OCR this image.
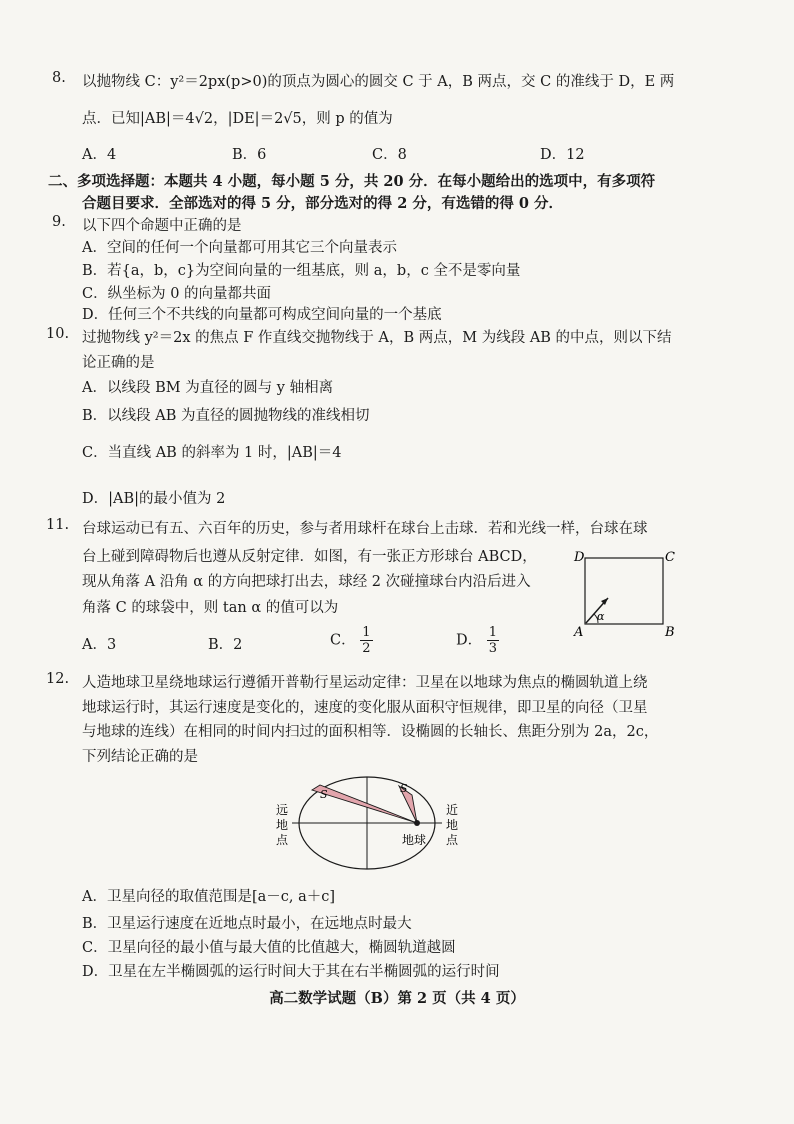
8. 以抛物线 C：y²＝2px(p>0)的顶点为圆心的圆交 C 于 A，B 两点，交 C 的准线于 D，E 两
点．已知|AB|＝4√2，|DE|＝2√5，则 p 的值为
A．4	B．6	C．8	D．12
二、多项选择题：本题共 4 小题，每小题 5 分，共 20 分．在每小题给出的选项中，有多项符
合题目要求．全部选对的得 5 分，部分选对的得 2 分，有选错的得 0 分．
9. 以下四个命题中正确的是
A．空间的任何一个向量都可用其它三个向量表示
B．若{a，b，c}为空间向量的一组基底，则 a，b，c 全不是零向量
C．纵坐标为 0 的向量都共面
D．任何三个不共线的向量都可构成空间向量的一个基底
10. 过抛物线 y²＝2x 的焦点 F 作直线交抛物线于 A，B 两点，M 为线段 AB 的中点，则以下结
论正确的是
A．以线段 BM 为直径的圆与 y 轴相离
B．以线段 AB 为直径的圆抛物线的准线相切
C．当直线 AB 的斜率为 1 时，|AB|＝4
D．|AB|的最小值为 2
11. 台球运动已有五、六百年的历史，参与者用球杆在球台上击球．若和光线一样，台球在球
台上碰到障碍物后也遵从反射定律．如图，有一张正方形球台 ABCD，
现从角落 A 沿角 α 的方向把球打出去，球经 2 次碰撞球台内沿后进入
角落 C 的球袋中，则 tan α 的值可以为
A．3	B．2	C． $\frac{1}{2}$	D． $\frac{1}{3}$
D	C
A	B
α
12. 人造地球卫星绕地球运行遵循开普勒行星运动定律：卫星在以地球为焦点的椭圆轨道上绕
地球运行时，其运行速度是变化的，速度的变化服从面积守恒规律，即卫星的向径（卫星
与地球的连线）在相同的时间内扫过的面积相等．设椭圆的长轴长、焦距分别为 2a，2c，
下列结论正确的是
S	S
地球
远
地
点
近
地
点
A．卫星向径的取值范围是[a－c, a＋c]
B．卫星运行速度在近地点时最小，在远地点时最大
C．卫星向径的最小值与最大值的比值越大，椭圆轨道越圆
D．卫星在左半椭圆弧的运行时间大于其在右半椭圆弧的运行时间
高二数学试题（B）第 2 页（共 4 页）
